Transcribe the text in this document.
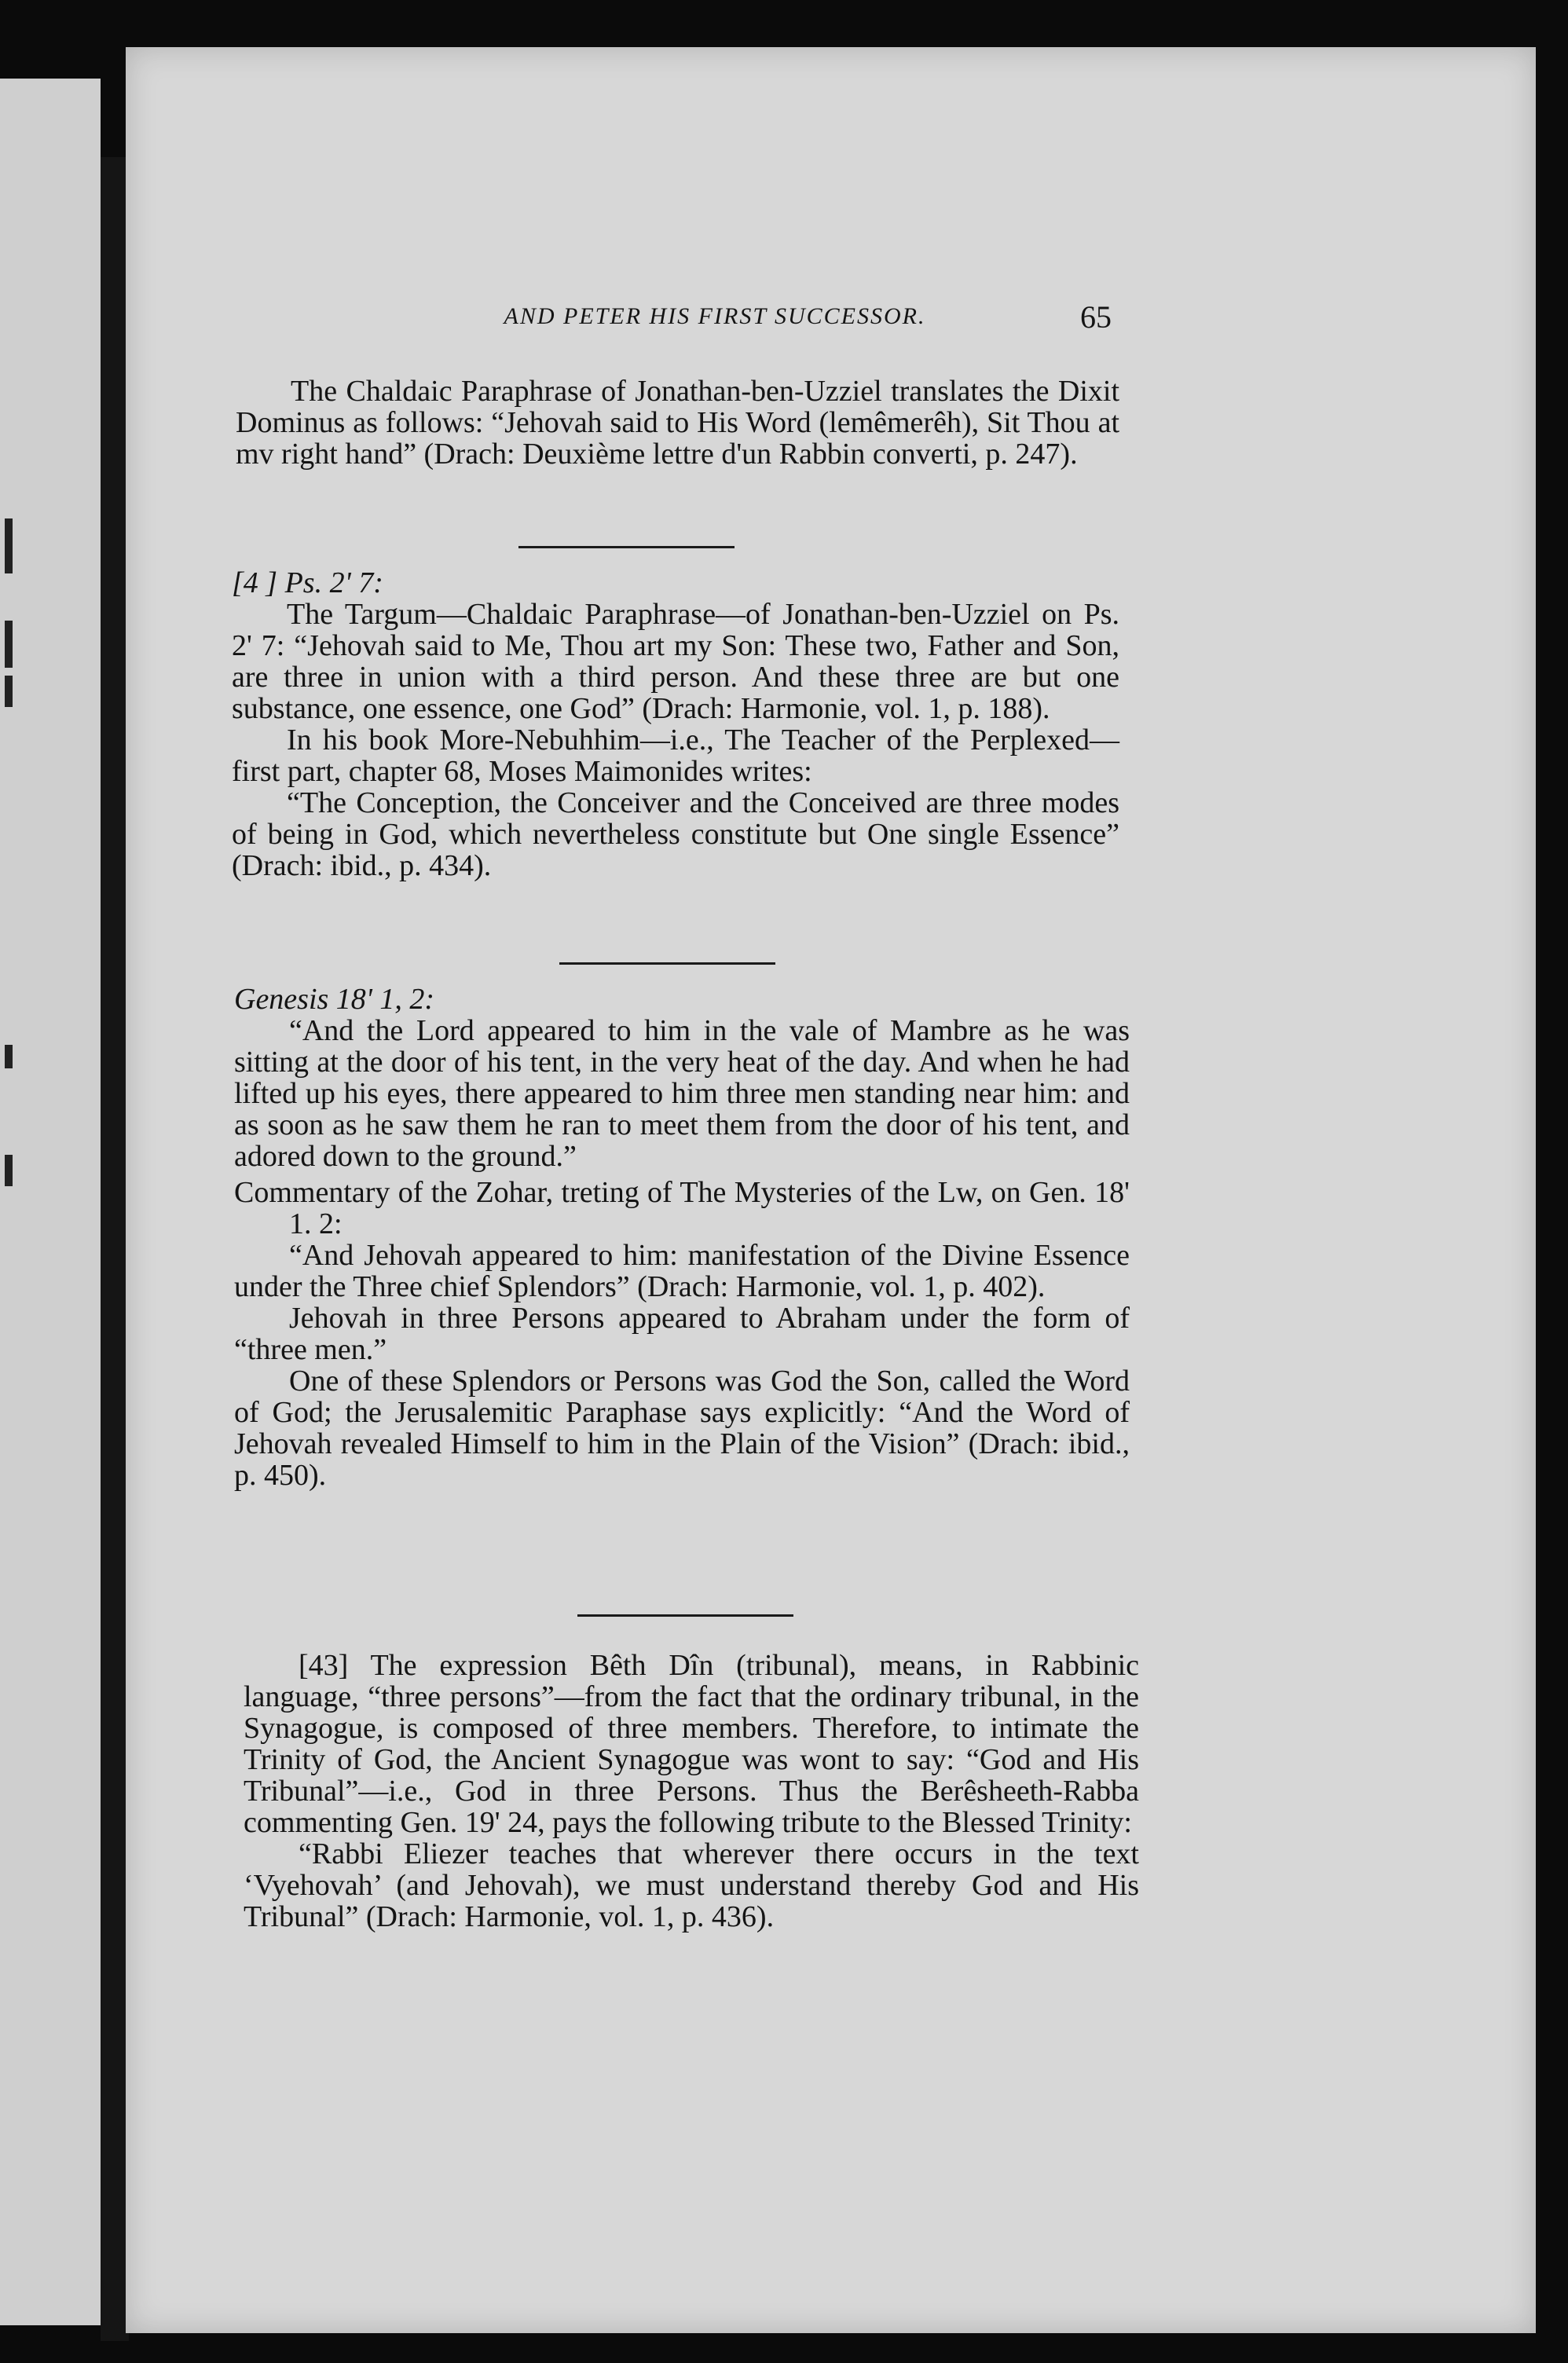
AND PETER HIS FIRST SUCCESSOR.	65

The Chaldaic Paraphrase of Jonathan-ben-Uzziel translates the Dixit Dominus as follows: “Jehovah said to His Word (lemêmerêh), Sit Thou at mv right hand” (Drach: Deuxième lettre d'un Rabbin converti, p. 247).

[4 ] Ps. 2' 7:

The Targum—Chaldaic Paraphrase—of Jonathan-ben-Uzziel on Ps. 2' 7: “Jehovah said to Me, Thou art my Son: These two, Father and Son, are three in union with a third person. And these three are but one substance, one essence, one God” (Drach: Harmonie, vol. 1, p. 188).

In his book More-Nebuhhim—i.e., The Teacher of the Perplexed—first part, chapter 68, Moses Maimonides writes:

“The Conception, the Conceiver and the Conceived are three modes of being in God, which nevertheless constitute but One single Essence” (Drach: ibid., p. 434).

Genesis 18' 1, 2:

“And the Lord appeared to him in the vale of Mambre as he was sitting at the door of his tent, in the very heat of the day. And when he had lifted up his eyes, there appeared to him three men standing near him: and as soon as he saw them he ran to meet them from the door of his tent, and adored down to the ground.”

Commentary of the Zohar, treting of The Mysteries of the Lw, on Gen. 18' 1. 2:

“And Jehovah appeared to him: manifestation of the Divine Essence under the Three chief Splendors” (Drach: Harmonie, vol. 1, p. 402).

Jehovah in three Persons appeared to Abraham under the form of “three men.”

One of these Splendors or Persons was God the Son, called the Word of God; the Jerusalemitic Paraphase says explicitly: “And the Word of Jehovah revealed Himself to him in the Plain of the Vision” (Drach: ibid., p. 450).

[43] The expression Bêth Dîn (tribunal), means, in Rabbinic language, “three persons”—from the fact that the ordinary tribunal, in the Synagogue, is composed of three members. Therefore, to intimate the Trinity of God, the Ancient Synagogue was wont to say: “God and His Tribunal”—i.e., God in three Persons. Thus the Berêsheeth-Rabba commenting Gen. 19' 24, pays the following tribute to the Blessed Trinity:

“Rabbi Eliezer teaches that wherever there occurs in the text ‘Vyehovah’ (and Jehovah), we must understand thereby God and His Tribunal” (Drach: Harmonie, vol. 1, p. 436).
